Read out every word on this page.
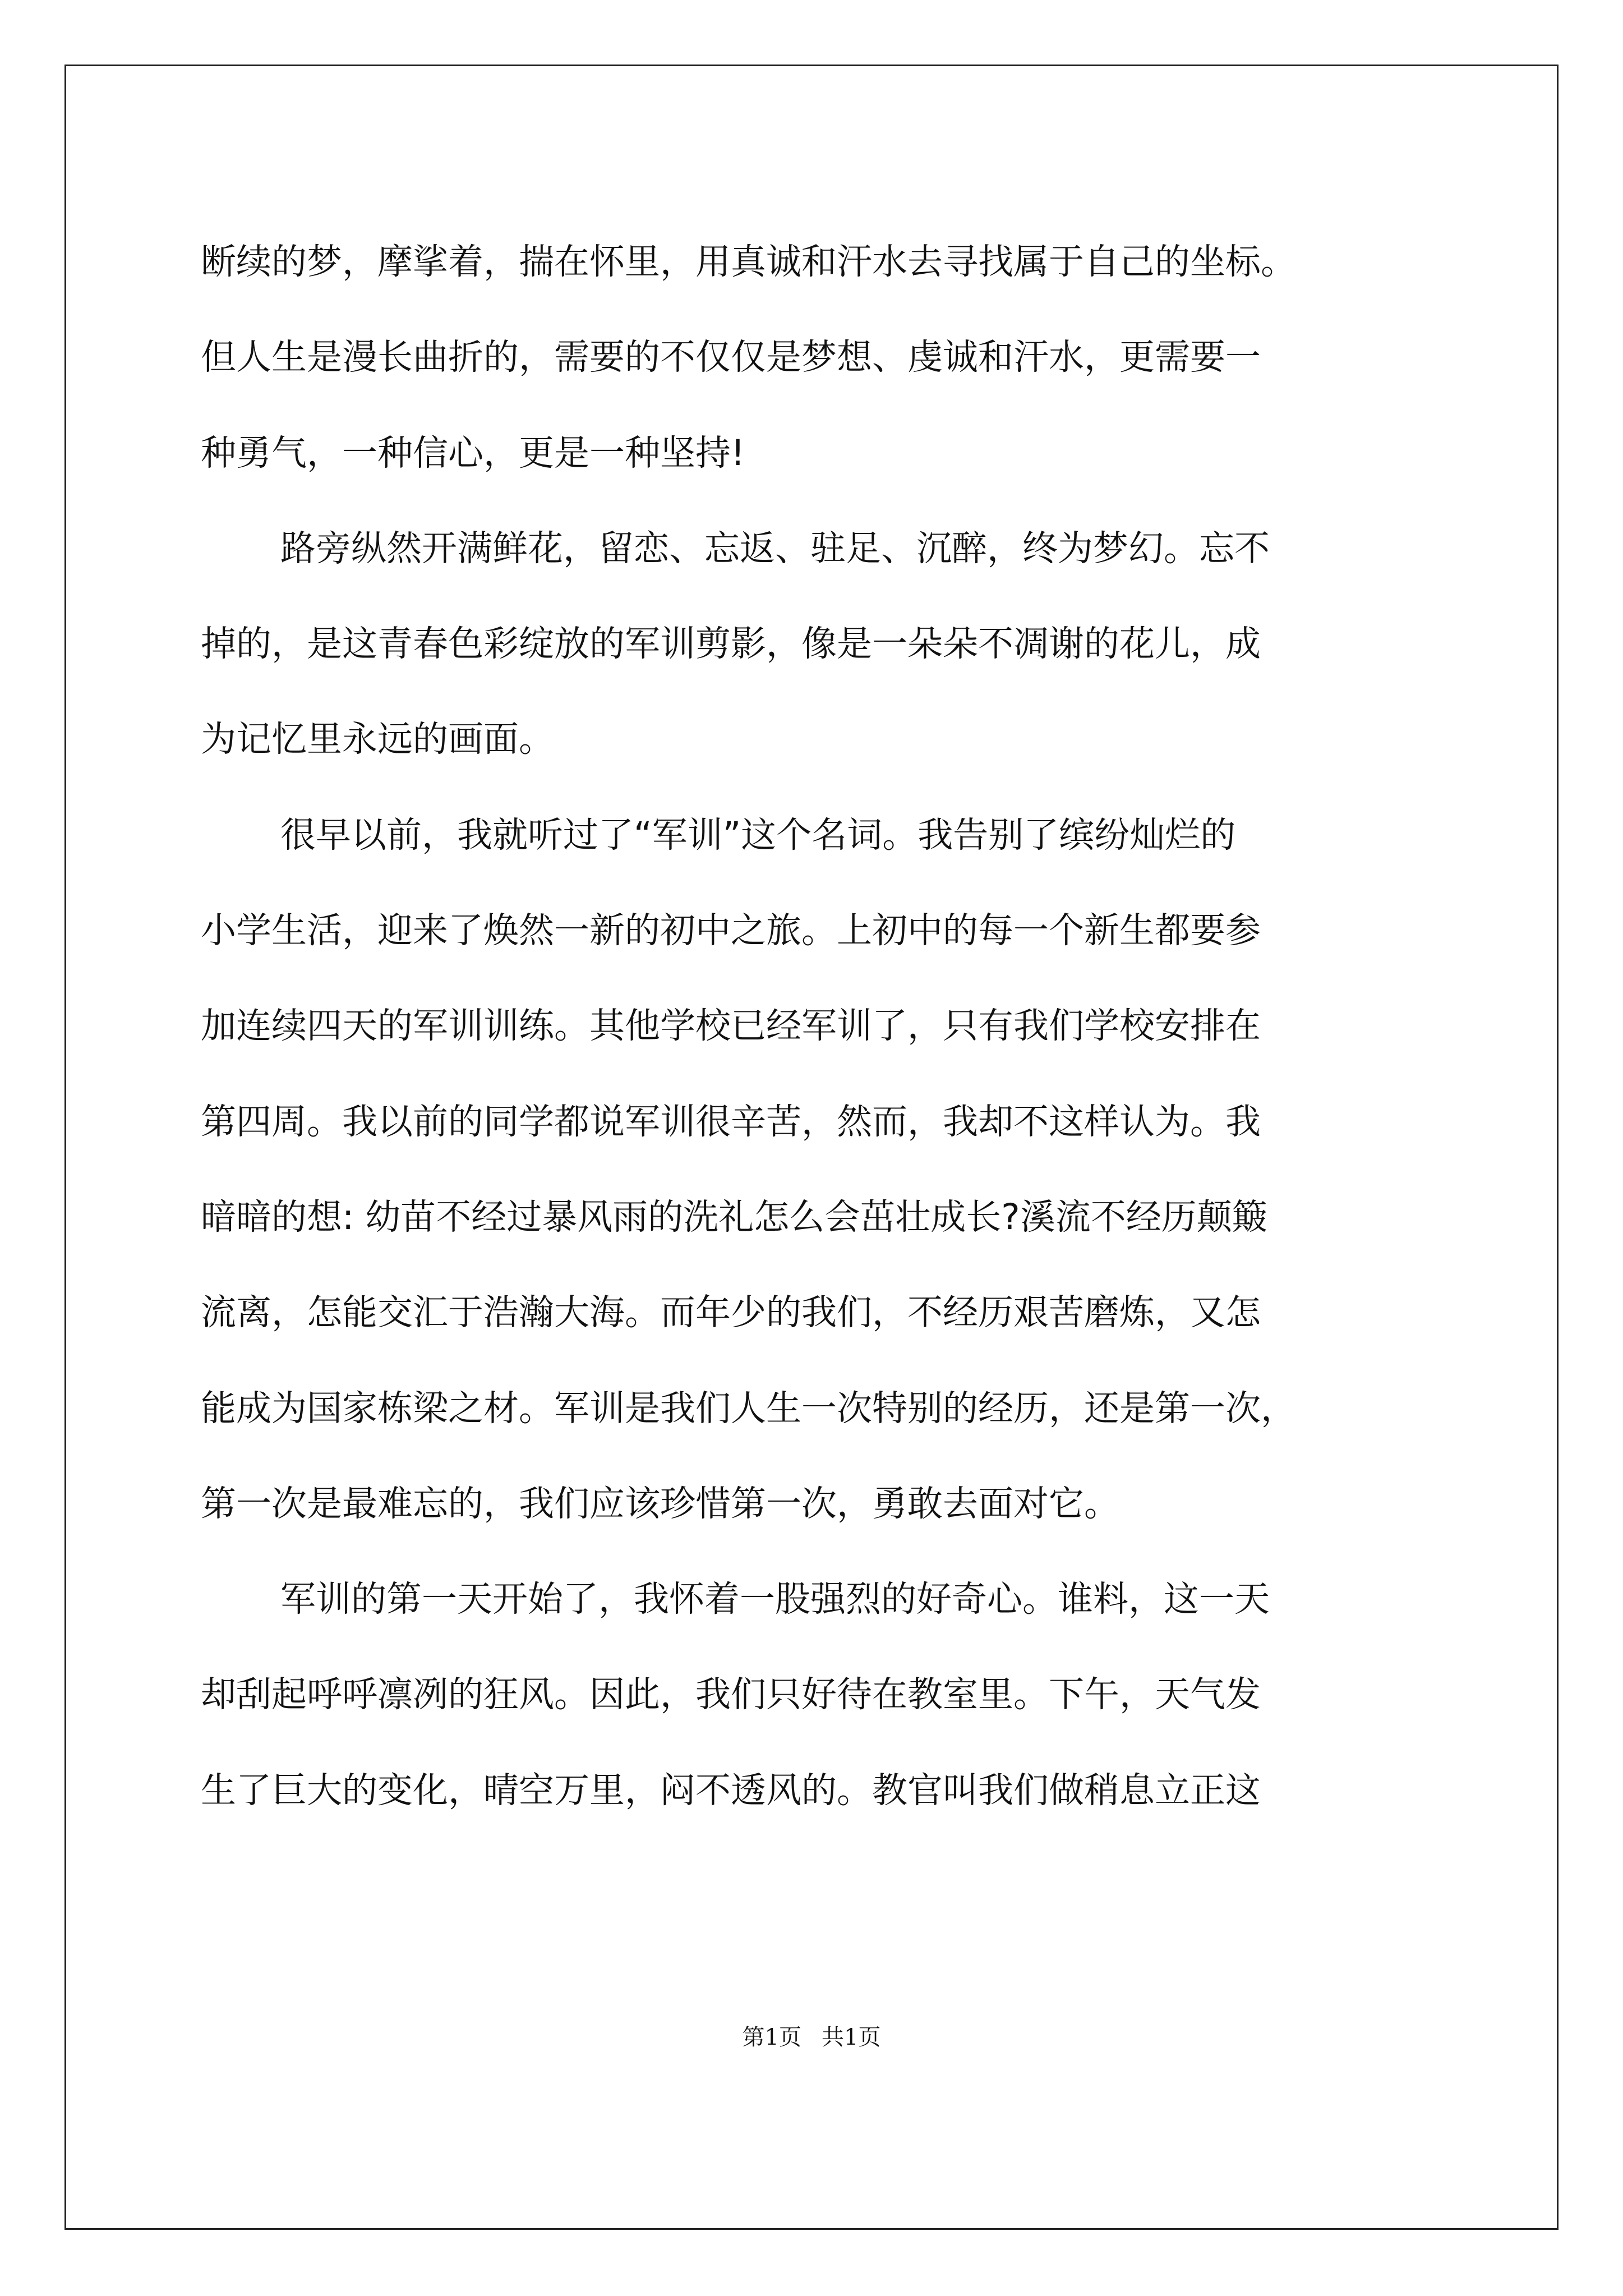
断续的梦，摩挲着，揣在怀里，用真诚和汗水去寻找属于自己的坐标。
但人生是漫长曲折的，需要的不仅仅是梦想、虔诚和汗水，更需要一
种勇气，一种信心，更是一种坚持!
路旁纵然开满鲜花，留恋、忘返、驻足、沉醉，终为梦幻。忘不
掉的，是这青春色彩绽放的军训剪影，像是一朵朵不凋谢的花儿，成
为记忆里永远的画面。
很早以前，我就听过了“军训”这个名词。我告别了缤纷灿烂的
小学生活，迎来了焕然一新的初中之旅。上初中的每一个新生都要参
加连续四天的军训训练。其他学校已经军训了，只有我们学校安排在
第四周。我以前的同学都说军训很辛苦，然而，我却不这样认为。我
暗暗的想: 幼苗不经过暴风雨的洗礼怎么会茁壮成长?溪流不经历颠簸
流离，怎能交汇于浩瀚大海。而年少的我们，不经历艰苦磨炼，又怎
能成为国家栋梁之材。军训是我们人生一次特别的经历，还是第一次，
第一次是最难忘的，我们应该珍惜第一次，勇敢去面对它。
军训的第一天开始了，我怀着一股强烈的好奇心。谁料，这一天
却刮起呼呼凛冽的狂风。因此，我们只好待在教室里。下午，天气发
生了巨大的变化，晴空万里，闷不透风的。教官叫我们做稍息立正这
第1页 共1页
